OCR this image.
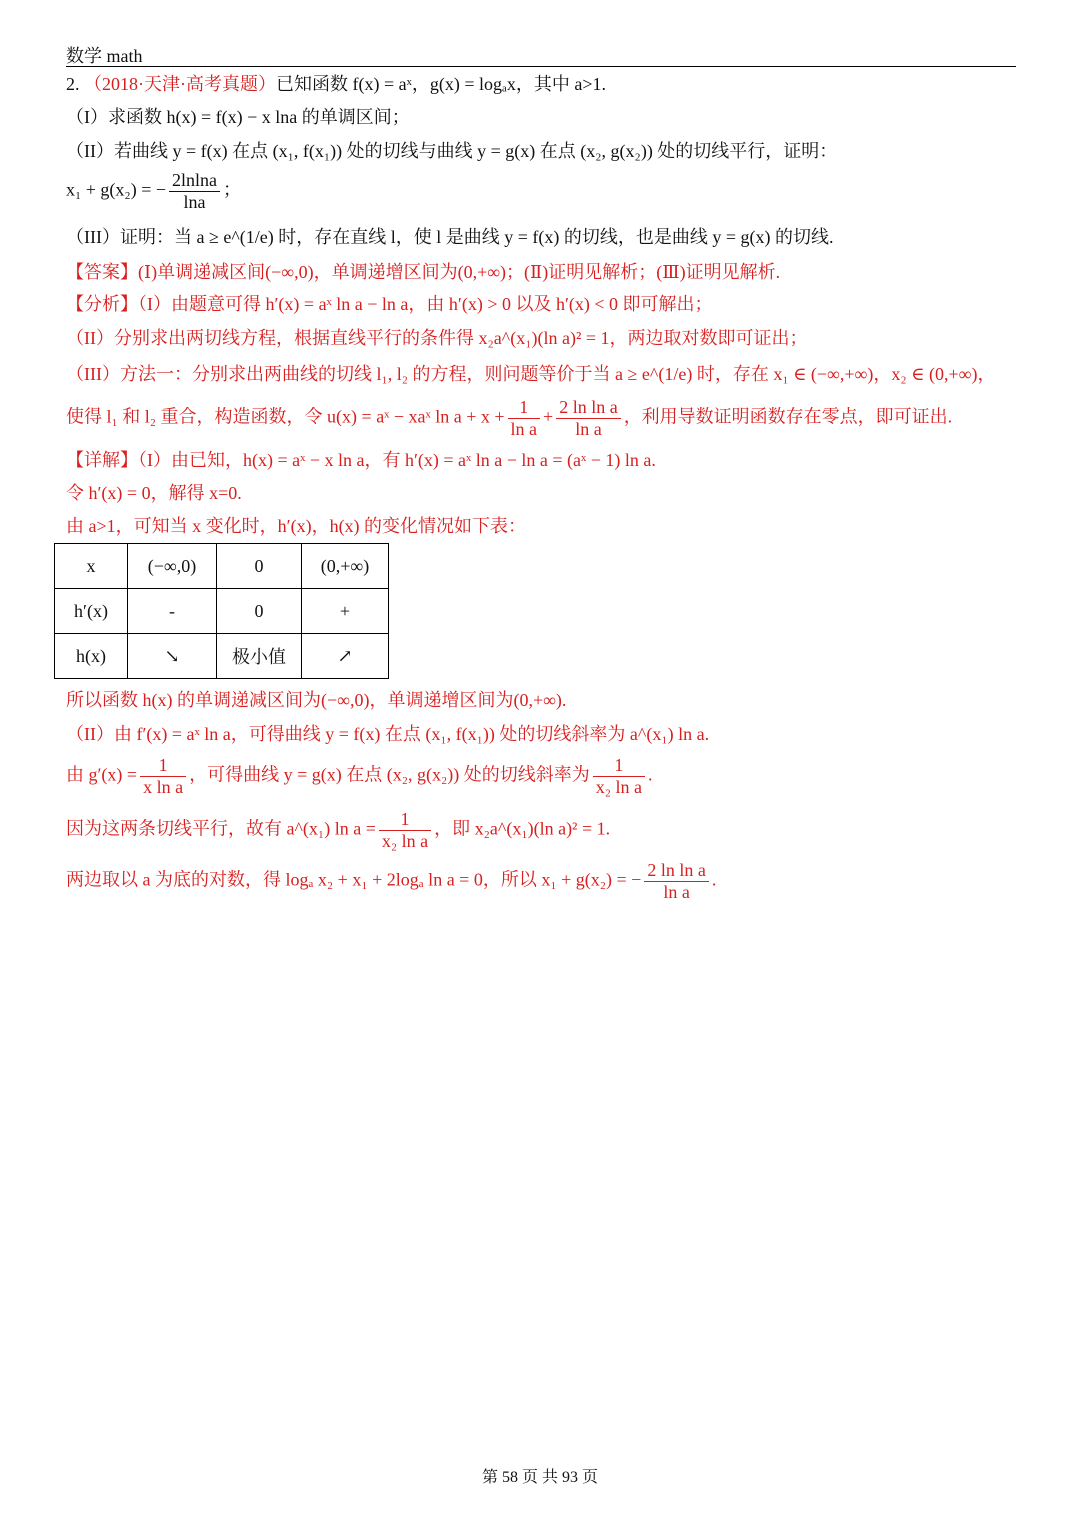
数学 math
2. （2018·天津·高考真题）已知函数 f(x) = aˣ，g(x) = logₐx，其中 a>1.
（I）求函数 h(x) = f(x) − x lna 的单调区间；
（II）若曲线 y = f(x) 在点 (x₁, f(x₁)) 处的切线与曲线 y = g(x) 在点 (x₂, g(x₂)) 处的切线平行，证明：
x₁ + g(x₂) = − $\frac{2lnlna}{\ln a}$ ；
（III）证明：当 a ≥ e^(1/e) 时，存在直线 l，使 l 是曲线 y = f(x) 的切线，也是曲线 y = g(x) 的切线.
【答案】(Ⅰ)单调递减区间(−∞,0)，单调递增区间为(0,+∞)；(Ⅱ)证明见解析；(Ⅲ)证明见解析.
【分析】（I）由题意可得 h′(x) = aˣ ln a − ln a，由 h′(x) > 0 以及 h′(x) < 0 即可解出；
（II）分别求出两切线方程，根据直线平行的条件得 x₂a^(x₁)(ln a)² = 1，两边取对数即可证出；
（III）方法一：分别求出两曲线的切线 l₁, l₂ 的方程，则问题等价于当 a ≥ e^(1/e) 时，存在 x₁ ∈ (−∞,+∞)，x₂ ∈ (0,+∞)，
使得 l₁ 和 l₂ 重合，构造函数，令 u(x) = aˣ − xaˣ $\ln a + x + \frac{1}{\text{ln a}} + \frac{\text{2 ln ln a}}{\text{ln a}}$ ，利用导数证明函数存在零点，即可证出.
【详解】（I）由已知，h(x) = aˣ − x ln a，有 h′(x) = aˣ ln a − ln a = (aˣ − 1) ln a.
令 h′(x) = 0，解得 x=0.
由 a>1，可知当 x 变化时，h′(x)，h(x) 的变化情况如下表：
x	(−∞,0)	0	(0,+∞)
h′(x)	-	0	+
h(x)	↘	极小值	↗
所以函数 h(x) 的单调递减区间为(−∞,0)，单调递增区间为(0,+∞).
（II）由 f′(x) = aˣ ln a，可得曲线 y = f(x) 在点 (x₁, f(x₁)) 处的切线斜率为 a^(x₁) ln a.
由 $g'(x) = \frac{1}{\text{x ln a}}$ ，可得曲线 y = g(x) 在点 (x₂, g(x₂)) 处的切线斜率为 $\frac{1}{\text{x₂ ln a}}$ .
因为这两条切线平行，故有 a^(x₁) $\ln a = \frac{1}{\text{x₂ ln a}}$ ，即 x₂a^(x₁)(ln a)² = 1.
两边取以 a 为底的对数，得 logₐ x₂ + x₁ + 2logₐ ln a = 0，所以 x₁ + g(x₂) = − $\frac{\text{2 ln ln a}}{\text{ln a}}$ .
第 58 页 共 93 页
